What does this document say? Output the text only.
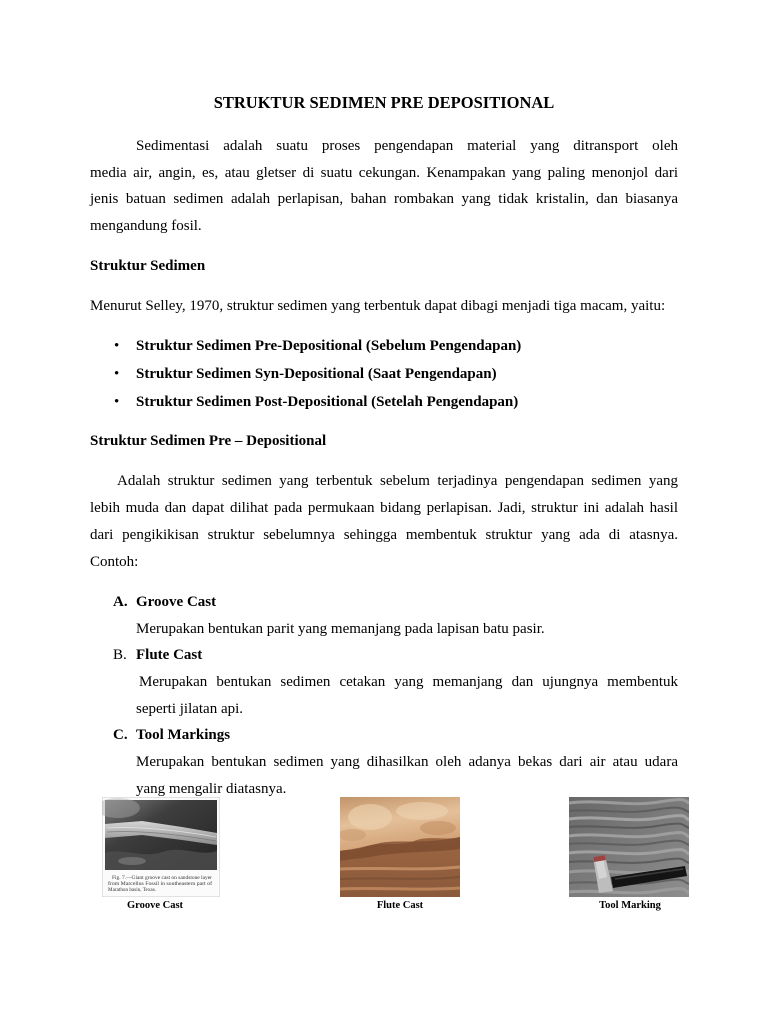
STRUKTUR SEDIMEN PRE DEPOSITIONAL
Sedimentasi adalah suatu proses pengendapan material yang ditransport oleh
media air, angin, es, atau gletser di suatu cekungan. Kenampakan yang paling menonjol dari
jenis batuan sedimen adalah perlapisan, bahan rombakan yang tidak kristalin, dan biasanya
mengandung fosil.
Struktur Sedimen
Menurut Selley, 1970, struktur sedimen yang terbentuk dapat dibagi menjadi tiga macam, yaitu:
• Struktur Sedimen Pre-Depositional (Sebelum Pengendapan)
• Struktur Sedimen Syn-Depositional (Saat Pengendapan)
• Struktur Sedimen Post-Depositional (Setelah Pengendapan)
Struktur Sedimen Pre – Depositional
Adalah struktur sedimen yang terbentuk sebelum terjadinya pengendapan sedimen yang
lebih muda dan dapat dilihat pada permukaan bidang perlapisan. Jadi, struktur ini adalah hasil
dari pengikikisan struktur sebelumnya sehingga membentuk struktur yang ada di atasnya.
Contoh:
A. Groove Cast
Merupakan bentukan parit yang memanjang pada lapisan batu pasir.
B. Flute Cast
Merupakan bentukan sedimen cetakan yang memanjang dan ujungnya membentuk
seperti jilatan api.
C. Tool Markings
Merupakan bentukan sedimen yang dihasilkan oleh adanya bekas dari air atau udara
yang mengalir diatasnya.
Fig. 7.—Giant groove cast on sandstone layer
from Marcellus Fossil in southeastern part of
Marathon basin, Texas.
Groove Cast	Flute Cast	Tool Marking
